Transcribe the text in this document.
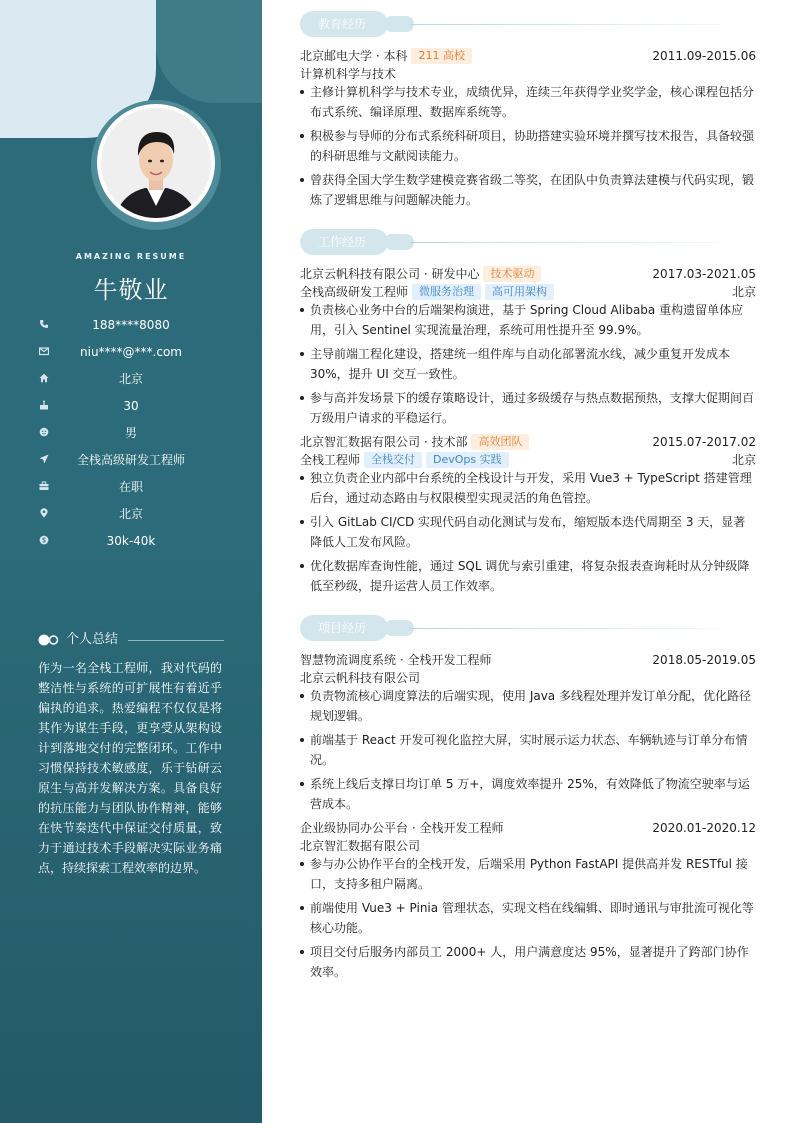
AMAZING RESUME
牛敬业
188****8080
niu****@***.com
北京
30
男
全栈高级研发工程师
在职
北京
30k-40k
个人总结
作为一名全栈工程师，我对代码的整洁性与系统的可扩展性有着近乎偏执的追求。热爱编程不仅仅是将其作为谋生手段，更享受从架构设计到落地交付的完整闭环。工作中习惯保持技术敏感度，乐于钻研云原生与高并发解决方案。具备良好的抗压能力与团队协作精神，能够在快节奏迭代中保证交付质量，致力于通过技术手段解决实际业务痛点，持续探索工程效率的边界。
教育经历
北京邮电大学 · 本科 211 高校	2011.09-2015.06
计算机科学与技术
主修计算机科学与技术专业，成绩优异，连续三年获得学业奖学金，核心课程包括分布式系统、编译原理、数据库系统等。
积极参与导师的分布式系统科研项目，协助搭建实验环境并撰写技术报告，具备较强的科研思维与文献阅读能力。
曾获得全国大学生数学建模竞赛省级二等奖，在团队中负责算法建模与代码实现，锻炼了逻辑思维与问题解决能力。
工作经历
北京云帆科技有限公司 · 研发中心 技术驱动	2017.03-2021.05
全栈高级研发工程师 微服务治理 高可用架构	北京
负责核心业务中台的后端架构演进，基于 Spring Cloud Alibaba 重构遗留单体应用，引入 Sentinel 实现流量治理，系统可用性提升至 99.9%。
主导前端工程化建设，搭建统一组件库与自动化部署流水线，减少重复开发成本 30%，提升 UI 交互一致性。
参与高并发场景下的缓存策略设计，通过多级缓存与热点数据预热，支撑大促期间百万级用户请求的平稳运行。
北京智汇数据有限公司 · 技术部 高效团队	2015.07-2017.02
全栈工程师 全栈交付 DevOps 实践	北京
独立负责企业内部中台系统的全栈设计与开发，采用 Vue3 + TypeScript 搭建管理后台，通过动态路由与权限模型实现灵活的角色管控。
引入 GitLab CI/CD 实现代码自动化测试与发布，缩短版本迭代周期至 3 天，显著降低人工发布风险。
优化数据库查询性能，通过 SQL 调优与索引重建，将复杂报表查询耗时从分钟级降低至秒级，提升运营人员工作效率。
项目经历
智慧物流调度系统 · 全栈开发工程师	2018.05-2019.05
北京云帆科技有限公司
负责物流核心调度算法的后端实现，使用 Java 多线程处理并发订单分配，优化路径规划逻辑。
前端基于 React 开发可视化监控大屏，实时展示运力状态、车辆轨迹与订单分布情况。
系统上线后支撑日均订单 5 万+，调度效率提升 25%，有效降低了物流空驶率与运营成本。
企业级协同办公平台 · 全栈开发工程师	2020.01-2020.12
北京智汇数据有限公司
参与办公协作平台的全栈开发，后端采用 Python FastAPI 提供高并发 RESTful 接口，支持多租户隔离。
前端使用 Vue3 + Pinia 管理状态，实现文档在线编辑、即时通讯与审批流可视化等核心功能。
项目交付后服务内部员工 2000+ 人，用户满意度达 95%，显著提升了跨部门协作效率。
